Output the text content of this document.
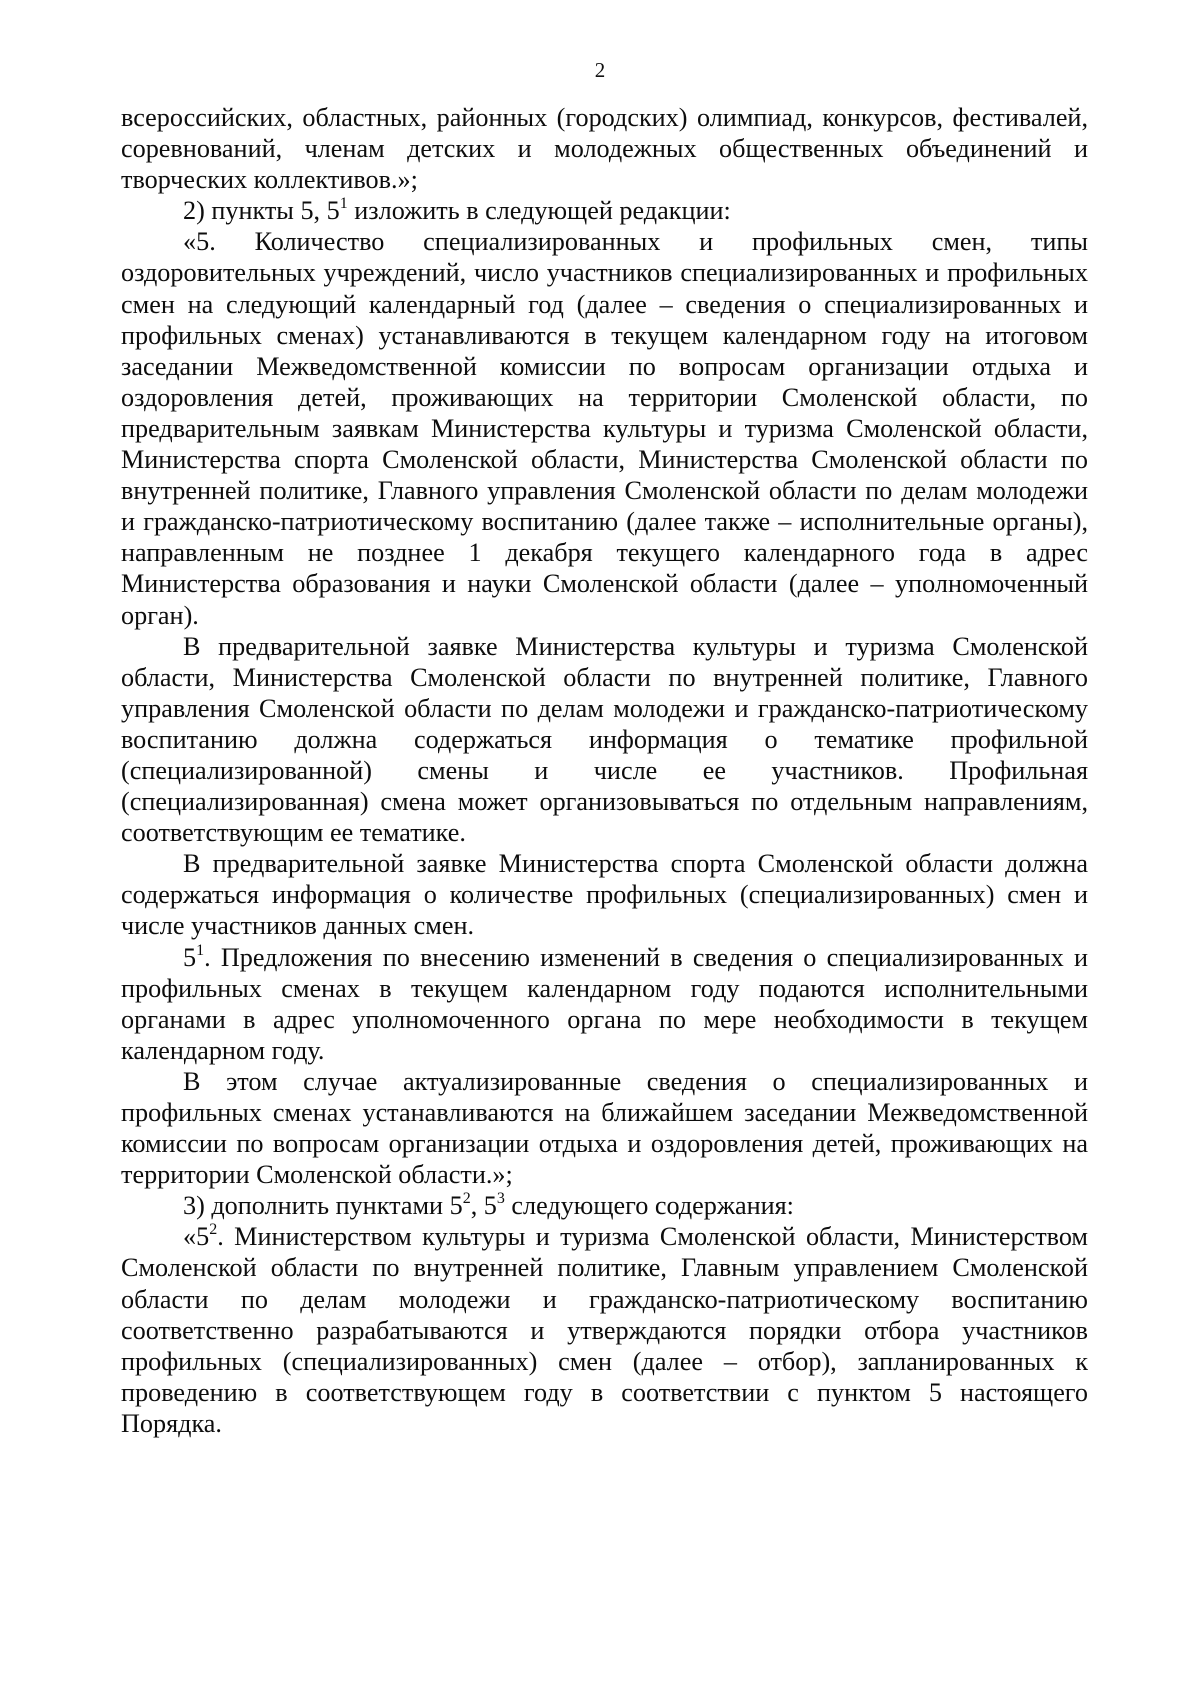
2

всероссийских, областных, районных (городских) олимпиад, конкурсов, фестивалей, соревнований, членам детских и молодежных общественных объединений и творческих коллективов.»;

2) пункты 5, $5^1$ изложить в следующей редакции:

«5. Количество специализированных и профильных смен, типы оздоровительных учреждений, число участников специализированных и профильных смен на следующий календарный год (далее – сведения о специализированных и профильных сменах) устанавливаются в текущем календарном году на итоговом заседании Межведомственной комиссии по вопросам организации отдыха и оздоровления детей, проживающих на территории Смоленской области, по предварительным заявкам Министерства культуры и туризма Смоленской области, Министерства спорта Смоленской области, Министерства Смоленской области по внутренней политике, Главного управления Смоленской области по делам молодежи и гражданско-патриотическому воспитанию (далее также – исполнительные органы), направленным не позднее 1 декабря текущего календарного года в адрес Министерства образования и науки Смоленской области (далее – уполномоченный орган).

В предварительной заявке Министерства культуры и туризма Смоленской области, Министерства Смоленской области по внутренней политике, Главного управления Смоленской области по делам молодежи и гражданско-патриотическому воспитанию должна содержаться информация о тематике профильной (специализированной) смены и числе ее участников. Профильная (специализированная) смена может организовываться по отдельным направлениям, соответствующим ее тематике.

В предварительной заявке Министерства спорта Смоленской области должна содержаться информация о количестве профильных (специализированных) смен и числе участников данных смен.

$5^1$. Предложения по внесению изменений в сведения о специализированных и профильных сменах в текущем календарном году подаются исполнительными органами в адрес уполномоченного органа по мере необходимости в текущем календарном году.

В этом случае актуализированные сведения о специализированных и профильных сменах устанавливаются на ближайшем заседании Межведомственной комиссии по вопросам организации отдыха и оздоровления детей, проживающих на территории Смоленской области.»;

3) дополнить пунктами $5^2$, $5^3$ следующего содержания:

«$5^2$. Министерством культуры и туризма Смоленской области, Министерством Смоленской области по внутренней политике, Главным управлением Смоленской области по делам молодежи и гражданско-патриотическому воспитанию соответственно разрабатываются и утверждаются порядки отбора участников профильных (специализированных) смен (далее – отбор), запланированных к проведению в соответствующем году в соответствии с пунктом 5 настоящего Порядка.
